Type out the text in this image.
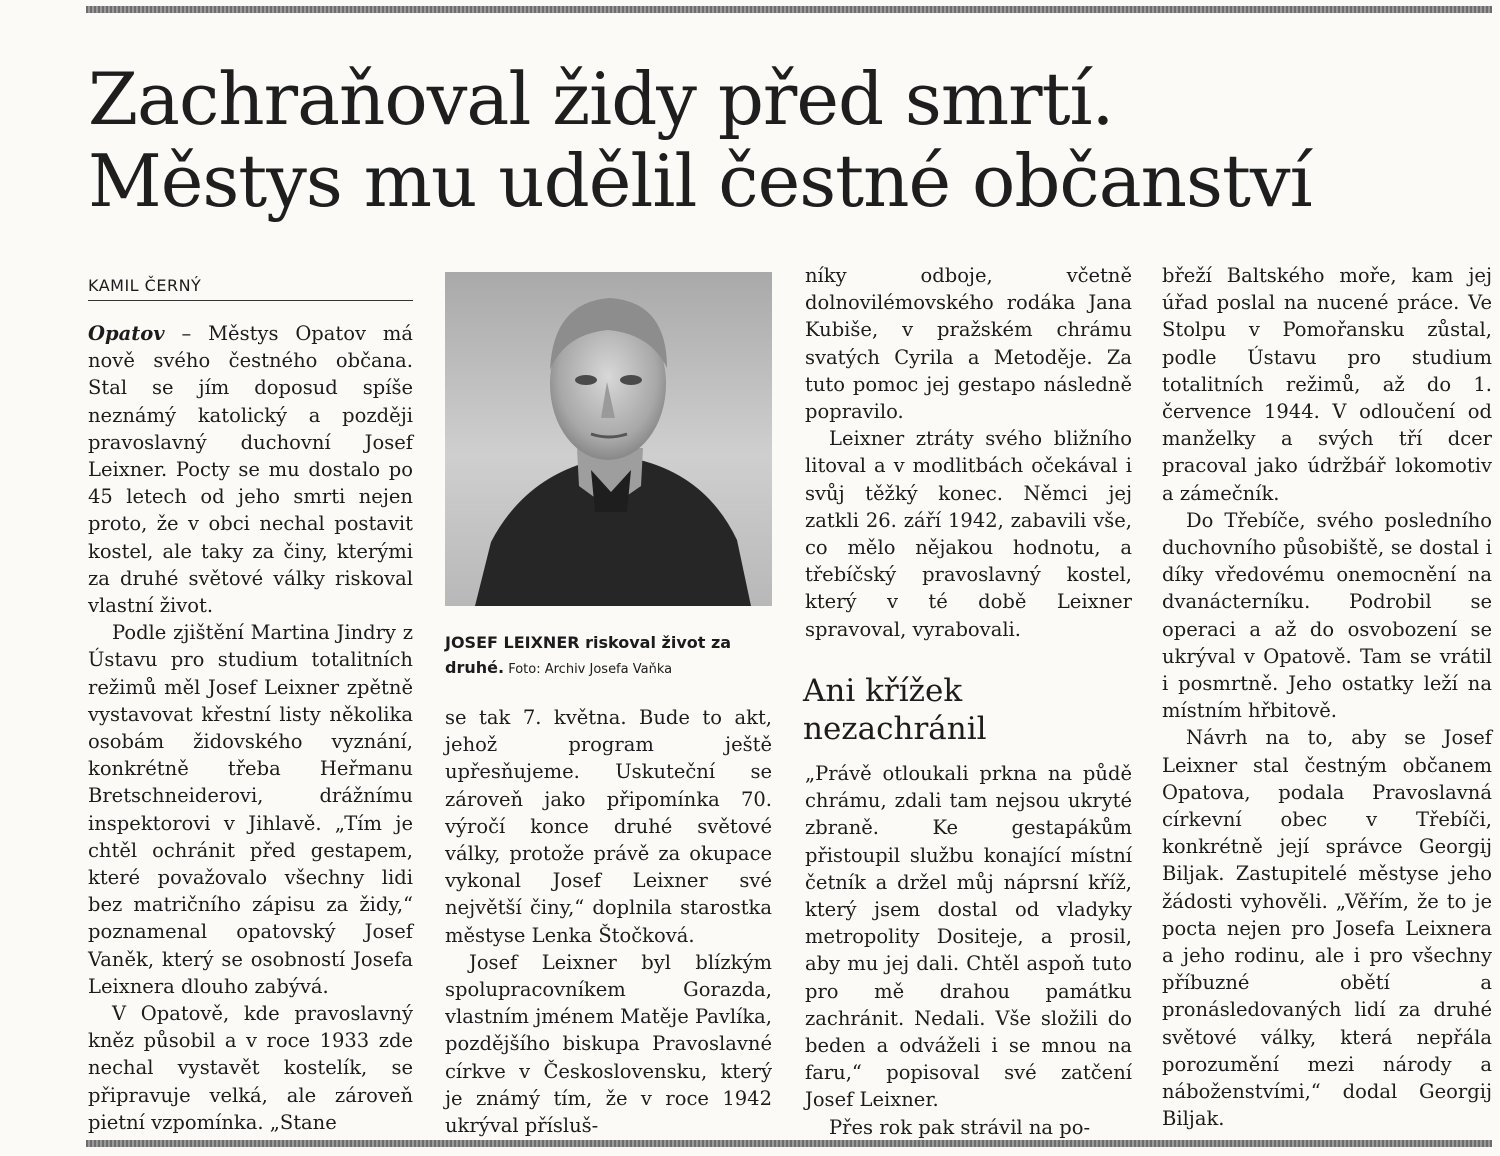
Zachraňoval židy před smrtí.
Městys mu udělil čestné občanství
KAMIL ČERNÝ

Opatov – Městys Opatov má nově svého čestného občana. Stal se jím doposud spíše neznámý katolický a později pravoslavný duchovní Josef Leixner. Pocty se mu dostalo po 45 letech od jeho smrti nejen proto, že v obci nechal postavit kostel, ale taky za činy, kterými za druhé světové války riskoval vlastní život.

Podle zjištění Martina Jindry z Ústavu pro studium totalitních režimů měl Josef Leixner zpětně vystavovat křestní listy několika osobám židovského vyznání, konkrétně třeba Heřmanu Bretschneiderovi, drážnímu inspektorovi v Jihlavě. „Tím je chtěl ochránit před gestapem, které považovalo všechny lidi bez matričního zápisu za židy,“ poznamenal opatovský Josef Vaněk, který se osobností Josefa Leixnera dlouho zabývá.

V Opatově, kde pravoslavný kněz působil a v roce 1933 zde nechal vystavět kostelík, se připravuje velká, ale zároveň pietní vzpomínka. „Stane

JOSEF LEIXNER riskoval život za druhé. Foto: Archiv Josefa Vaňka

se tak 7. května. Bude to akt, jehož program ještě upřesňujeme. Uskuteční se zároveň jako připomínka 70. výročí konce druhé světové války, protože právě za okupace vykonal Josef Leixner své největší činy,“ doplnila starostka městyse Lenka Štočková.

Josef Leixner byl blízkým spolupracovníkem Gorazda, vlastním jménem Matěje Pavlíka, pozdějšího biskupa Pravoslavné církve v Československu, který je známý tím, že v roce 1942 ukrýval přísluš-

níky odboje, včetně dolnovilémovského rodáka Jana Kubiše, v pražském chrámu svatých Cyrila a Metoděje. Za tuto pomoc jej gestapo následně popravilo.

Leixner ztráty svého bližního litoval a v modlitbách očekával i svůj těžký konec. Němci jej zatkli 26. září 1942, zabavili vše, co mělo nějakou hodnotu, a třebíčský pravoslavný kostel, který v té době Leixner spravoval, vyrabovali.

Ani křížek
nezachránil

„Právě otloukali prkna na půdě chrámu, zdali tam nejsou ukryté zbraně. Ke gestapákům přistoupil službu konající místní četník a držel můj náprsní kříž, který jsem dostal od vladyky metropolity Dositeje, a prosil, aby mu jej dali. Chtěl aspoň tuto pro mě drahou památku zachránit. Nedali. Vše složili do beden a odváželi i se mnou na faru,“ popisoval své zatčení Josef Leixner.

Přes rok pak strávil na po-

břeží Baltského moře, kam jej úřad poslal na nucené práce. Ve Stolpu v Pomořansku zůstal, podle Ústavu pro studium totalitních režimů, až do 1. července 1944. V odloučení od manželky a svých tří dcer pracoval jako údržbář lokomotiv a zámečník.

Do Třebíče, svého posledního duchovního působiště, se dostal i díky vředovému onemocnění na dvanácterníku. Podrobil se operaci a až do osvobození se ukrýval v Opatově. Tam se vrátil i posmrtně. Jeho ostatky leží na místním hřbitově.

Návrh na to, aby se Josef Leixner stal čestným občanem Opatova, podala Pravoslavná církevní obec v Třebíči, konkrétně její správce Georgij Biljak. Zastupitelé městyse jeho žádosti vyhověli. „Věřím, že to je pocta nejen pro Josefa Leixnera a jeho rodinu, ale i pro všechny příbuzné obětí a pronásledovaných lidí za druhé světové války, která nepřála porozumění mezi národy a náboženstvími,“ dodal Georgij Biljak.
